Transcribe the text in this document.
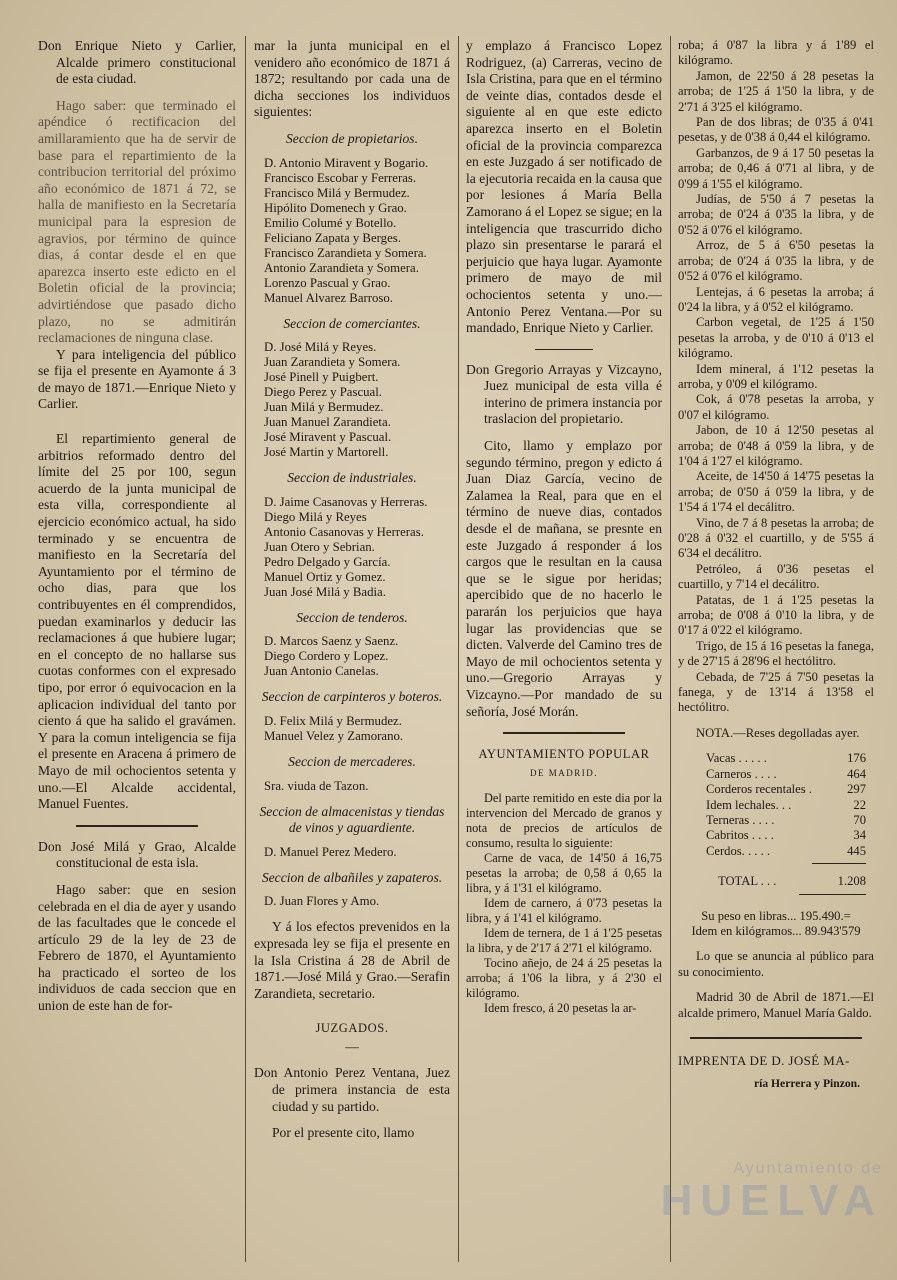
Don Enrique Nieto y Carlier, Alcalde primero constitucional de esta ciudad.

Hago saber: que terminado el apéndice ó rectificacion del amillaramiento que ha de servir de base para el repartimiento de la contribucion territorial del próximo año económico de 1871 á 72, se halla de manifiesto en la Secretaría municipal para la espresion de agravios, por término de quince dias, á contar desde el en que aparezca inserto este edicto en el Boletin oficial de la provincia; advirtiéndose que pasado dicho plazo, no se admitirán reclamaciones de ninguna clase.

Y para inteligencia del público se fija el presente en Ayamonte á 3 de mayo de 1871.—Enrique Nieto y Carlier.

El repartimiento general de arbitrios reformado dentro del límite del 25 por 100, segun acuerdo de la junta municipal de esta villa, correspondiente al ejercicio económico actual, ha sido terminado y se encuentra de manifiesto en la Secretaría del Ayuntamiento por el término de ocho dias, para que los contribuyentes en él comprendidos, puedan examinarlos y deducir las reclamaciones á que hubiere lugar; en el concepto de no hallarse sus cuotas conformes con el expresado tipo, por error ó equivocacion en la aplicacion individual del tanto por ciento á que ha salido el gravámen. Y para la comun inteligencia se fija el presente en Aracena á primero de Mayo de mil ochocientos setenta y uno.—El Alcalde accidental, Manuel Fuentes.

Don José Milá y Grao, Alcalde constitucional de esta isla.

Hago saber: que en sesion celebrada en el dia de ayer y usando de las facultades que le concede el artículo 29 de la ley de 23 de Febrero de 1870, el Ayuntamiento ha practicado el sorteo de los individuos de cada seccion que en union de este han de for-

mar la junta municipal en el venidero año económico de 1871 á 1872; resultando por cada una de dicha secciones los individuos siguientes:

Seccion de propietarios.

D. Antonio Miravent y Bogario.
Francisco Escobar y Ferreras.
Francisco Milá y Bermudez.
Hipólito Domenech y Grao.
Emilio Columé y Botello.
Feliciano Zapata y Berges.
Francisco Zarandieta y Somera.
Antonio Zarandieta y Somera.
Lorenzo Pascual y Grao.
Manuel Alvarez Barroso.

Seccion de comerciantes.

D. José Milá y Reyes.
Juan Zarandieta y Somera.
José Pinell y Puigbert.
Diego Perez y Pascual.
Juan Milá y Bermudez.
Juan Manuel Zarandieta.
José Miravent y Pascual.
José Martin y Martorell.

Seccion de industriales.

D. Jaime Casanovas y Herreras.
Diego Milá y Reyes
Antonio Casanovas y Herreras.
Juan Otero y Sebrian.
Pedro Delgado y García.
Manuel Ortiz y Gomez.
Juan José Milá y Badia.

Seccion de tenderos.

D. Marcos Saenz y Saenz.
Diego Cordero y Lopez.
Juan Antonio Canelas.

Seccion de carpinteros y boteros.

D. Felix Milá y Bermudez.
Manuel Velez y Zamorano.

Seccion de mercaderes.

Sra. viuda de Tazon.

Seccion de almacenistas y tiendas de vinos y aguardiente.

D. Manuel Perez Medero.

Seccion de albañiles y zapateros.

D. Juan Flores y Amo.

Y á los efectos prevenidos en la expresada ley se fija el presente en la Isla Cristina á 28 de Abril de 1871.—José Milá y Grao.—Serafin Zarandieta, secretario.

JUZGADOS.

—

Don Antonio Perez Ventana, Juez de primera instancia de esta ciudad y su partido.

Por el presente cito, llamo

y emplazo á Francisco Lopez Rodriguez, (a) Carreras, vecino de Isla Cristina, para que en el término de veinte dias, contados desde el siguiente al en que este edicto aparezca inserto en el Boletin oficial de la provincia comparezca en este Juzgado á ser notificado de la ejecutoria recaida en la causa que por lesiones á María Bella Zamorano á el Lopez se sigue; en la inteligencia que trascurrido dicho plazo sin presentarse le parará el perjuicio que haya lugar. Ayamonte primero de mayo de mil ochocientos setenta y uno.—Antonio Perez Ventana.—Por su mandado, Enrique Nieto y Carlier.

Don Gregorio Arrayas y Vizcayno, Juez municipal de esta villa é interino de primera instancia por traslacion del propietario.

Cito, llamo y emplazo por segundo término, pregon y edicto á Juan Diaz García, vecino de Zalamea la Real, para que en el término de nueve dias, contados desde el de mañana, se presnte en este Juzgado á responder á los cargos que le resultan en la causa que se le sigue por heridas; apercibido que de no hacerlo le pararán los perjuicios que haya lugar las providencias que se dicten. Valverde del Camino tres de Mayo de mil ochocientos setenta y uno.—Gregorio Arrayas y Vizcayno.—Por mandado de su señoría, José Morán.

AYUNTAMIENTO POPULAR

DE MADRID.

Del parte remitido en este dia por la intervencion del Mercado de granos y nota de precios de artículos de consumo, resulta lo siguiente:

Carne de vaca, de 14'50 á 16,75 pesetas la arroba; de 0,58 á 0,65 la libra, y á 1'31 el kilógramo.

Idem de carnero, á 0'73 pesetas la libra, y á 1'41 el kilógramo.

Idem de ternera, de 1 á 1'25 pesetas la libra, y de 2'17 á 2'71 el kilógramo.

Tocino añejo, de 24 á 25 pesetas la arroba; á 1'06 la libra, y á 2'30 el kilógramo.

Idem fresco, á 20 pesetas la ar-

roba; á 0'87 la libra y á 1'89 el kilógramo.

Jamon, de 22'50 á 28 pesetas la arroba; de 1'25 á 1'50 la libra, y de 2'71 á 3'25 el kilógramo.

Pan de dos libras; de 0'35 á 0'41 pesetas, y de 0'38 á 0,44 el kilógramo.

Garbanzos, de 9 á 17 50 pesetas la arroba; de 0,46 á 0'71 al libra, y de 0'99 á 1'55 el kilógramo.

Judías, de 5'50 á 7 pesetas la arroba; de 0'24 á 0'35 la libra, y de 0'52 á 0'76 el kilógramo.

Arroz, de 5 á 6'50 pesetas la arroba; de 0'24 á 0'35 la libra, y de 0'52 á 0'76 el kilógramo.

Lentejas, á 6 pesetas la arroba; á 0'24 la libra, y á 0'52 el kilógramo.

Carbon vegetal, de 1'25 á 1'50 pesetas la arroba, y de 0'10 á 0'13 el kilógramo.

Idem mineral, á 1'12 pesetas la arroba, y 0'09 el kilógramo.

Cok, á 0'78 pesetas la arroba, y 0'07 el kilógramo.

Jabon, de 10 á 12'50 pesetas al arroba; de 0'48 á 0'59 la libra, y de 1'04 á 1'27 el kilógramo.

Aceite, de 14'50 á 14'75 pesetas la arroba; de 0'50 á 0'59 la libra, y de 1'54 á 1'74 el decálitro.

Vino, de 7 á 8 pesetas la arroba; de 0'28 á 0'32 el cuartillo, y de 5'55 á 6'34 el decálitro.

Petróleo, á 0'36 pesetas el cuartillo, y 7'14 el decálitro.

Patatas, de 1 á 1'25 pesetas la arroba; de 0'08 á 0'10 la libra, y de 0'17 á 0'22 el kilógramo.

Trigo, de 15 á 16 pesetas la fanega, y de 27'15 á 28'96 el hectólitro.

Cebada, de 7'25 á 7'50 pesetas la fanega, y de 13'14 á 13'58 el hectólitro.

NOTA.—Reses degolladas ayer.

Vacas . . . . .	176
Carneros . . . .	464
Corderos recentales .	297
Idem lechales. . .	22
Terneras . . . .	70
Cabritos . . . .	34
Cerdos. . . . .	445
TOTAL . . .	1.208

Su peso en libras... 195.490.=

Idem en kilógramos... 89.943'579

Lo que se anuncia al público para su conocimiento.

Madrid 30 de Abril de 1871.—El alcalde primero, Manuel María Galdo.

IMPRENTA DE D. JOSÉ MA-

ría Herrera y Pinzon.

Ayuntamiento de
HUELVA
